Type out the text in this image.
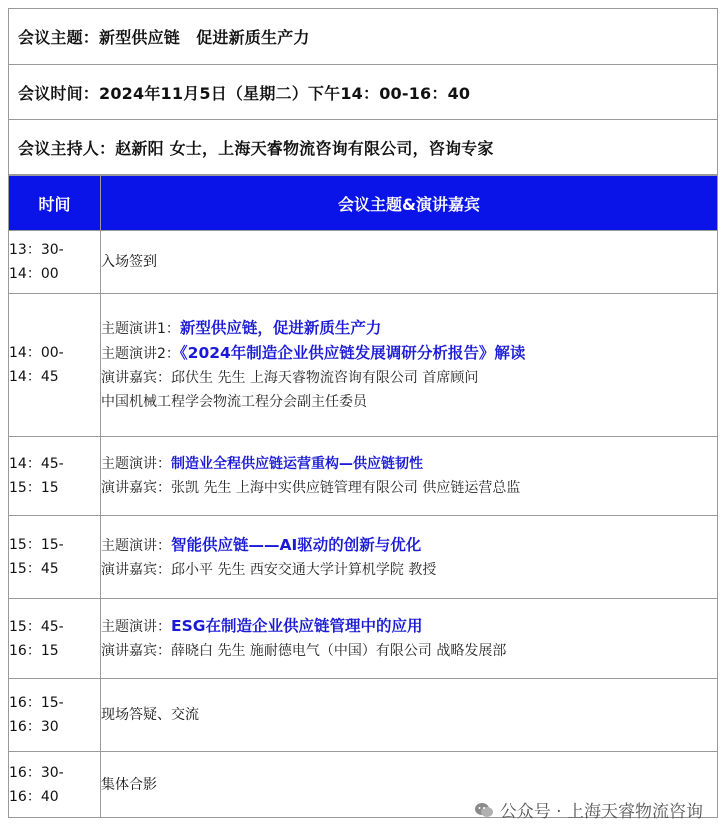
会议主题：新型供应链　促进新质生产力
会议时间：2024年11月5日（星期二）下午14：00-16：40
会议主持人：赵新阳 女士，上海天睿物流咨询有限公司，咨询专家
时间	会议主题&演讲嘉宾

13：30-
14：00	入场签到

14：00-
14：45	主题演讲1：新型供应链，促进新质生产力
主题演讲2：《2024年制造企业供应链发展调研分析报告》解读
演讲嘉宾：邱伏生 先生 上海天睿物流咨询有限公司 首席顾问
中国机械工程学会物流工程分会副主任委员

14：45-
15：15	主题演讲：制造业全程供应链运营重构—供应链韧性
演讲嘉宾：张凯 先生 上海中实供应链管理有限公司 供应链运营总监

15：15-
15：45	主题演讲：智能供应链——AI驱动的创新与优化
演讲嘉宾：邱小平 先生 西安交通大学计算机学院 教授

15：45-
16：15	主题演讲：ESG在制造企业供应链管理中的应用
演讲嘉宾：薛晓白 先生 施耐德电气（中国）有限公司 战略发展部

16：15-
16：30	现场答疑、交流

16：30-
16：40	集体合影
公众号 · 上海天睿物流咨询
